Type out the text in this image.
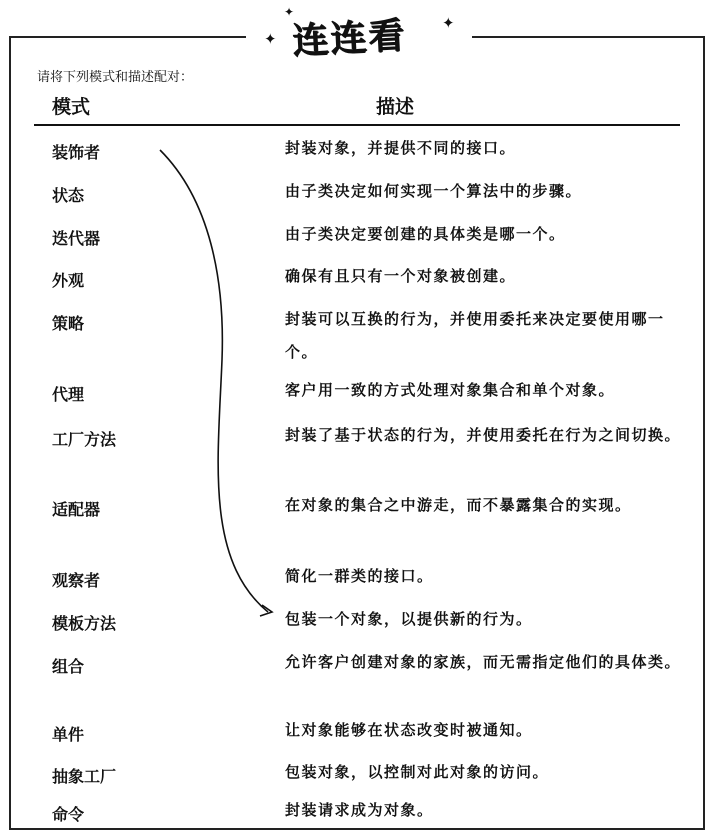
✦
✦
✦
连连看
请将下列模式和描述配对：
模式	描述
装饰者	封装对象，并提供不同的接口。
状态	由子类决定如何实现一个算法中的步骤。
迭代器	由子类决定要创建的具体类是哪一个。
外观	确保有且只有一个对象被创建。
策略	封装可以互换的行为，并使用委托来决定要使用哪一个。
代理	客户用一致的方式处理对象集合和单个对象。
工厂方法	封装了基于状态的行为，并使用委托在行为之间切换。
适配器	在对象的集合之中游走，而不暴露集合的实现。
观察者	简化一群类的接口。
模板方法	包装一个对象，以提供新的行为。
组合	允许客户创建对象的家族，而无需指定他们的具体类。
单件	让对象能够在状态改变时被通知。
抽象工厂	包装对象，以控制对此对象的访问。
命令	封装请求成为对象。
